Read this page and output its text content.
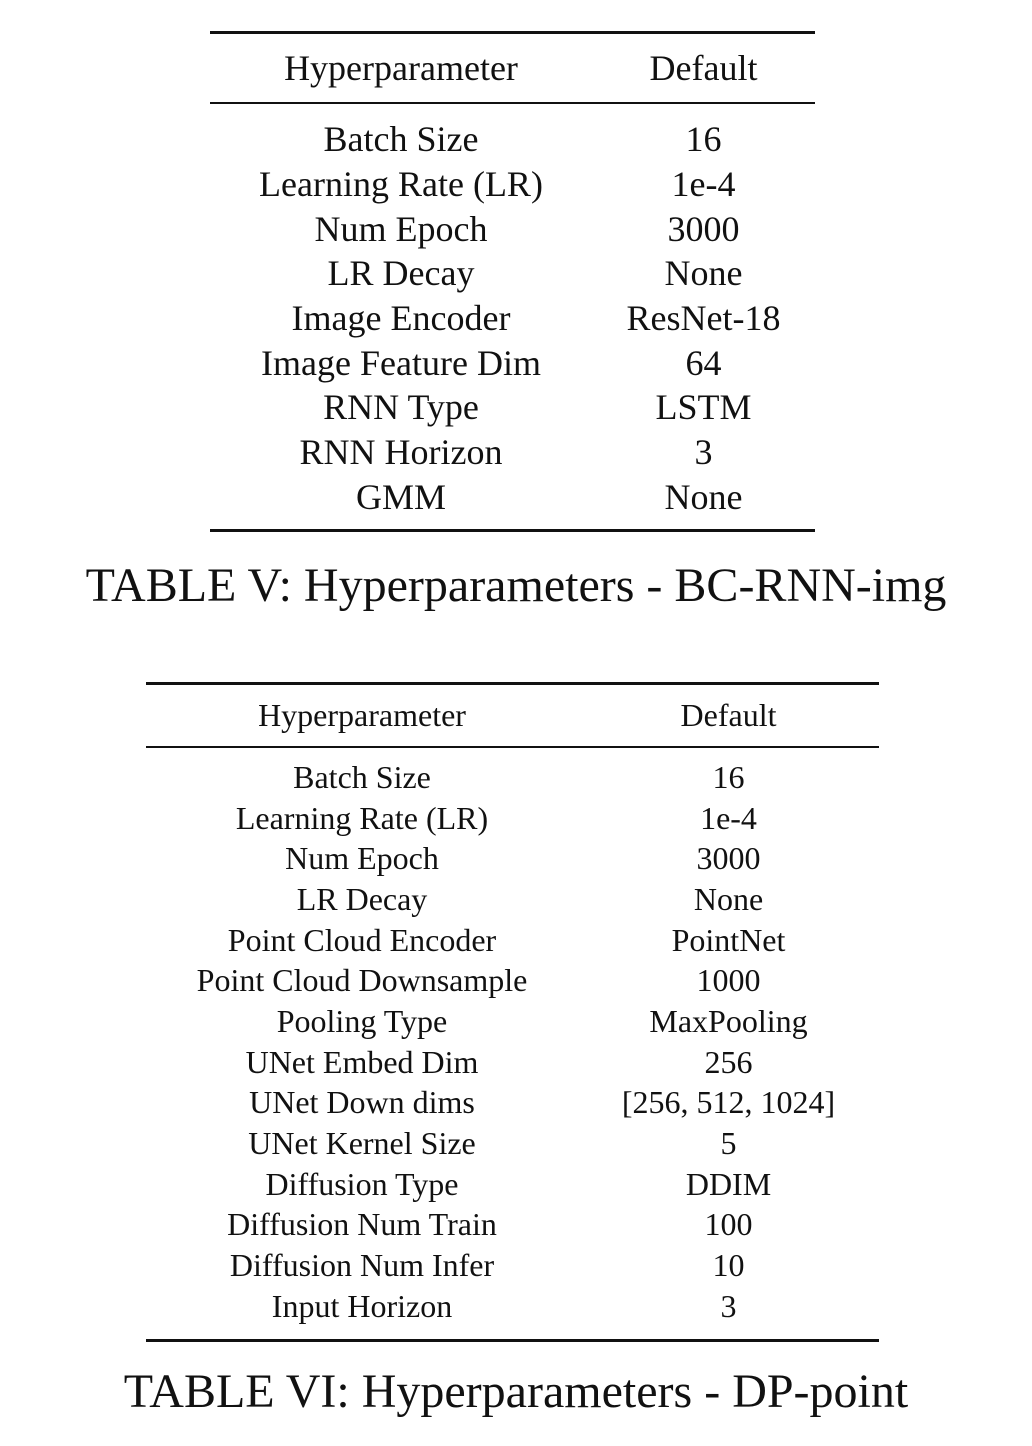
Hyperparameter	Default
Batch Size	16
Learning Rate (LR)	1e-4
Num Epoch	3000
LR Decay	None
Image Encoder	ResNet-18
Image Feature Dim	64
RNN Type	LSTM
RNN Horizon	3
GMM	None
TABLE V: Hyperparameters - BC-RNN-img
Hyperparameter	Default
Batch Size	16
Learning Rate (LR)	1e-4
Num Epoch	3000
LR Decay	None
Point Cloud Encoder	PointNet
Point Cloud Downsample	1000
Pooling Type	MaxPooling
UNet Embed Dim	256
UNet Down dims	[256, 512, 1024]
UNet Kernel Size	5
Diffusion Type	DDIM
Diffusion Num Train	100
Diffusion Num Infer	10
Input Horizon	3
TABLE VI: Hyperparameters - DP-point
